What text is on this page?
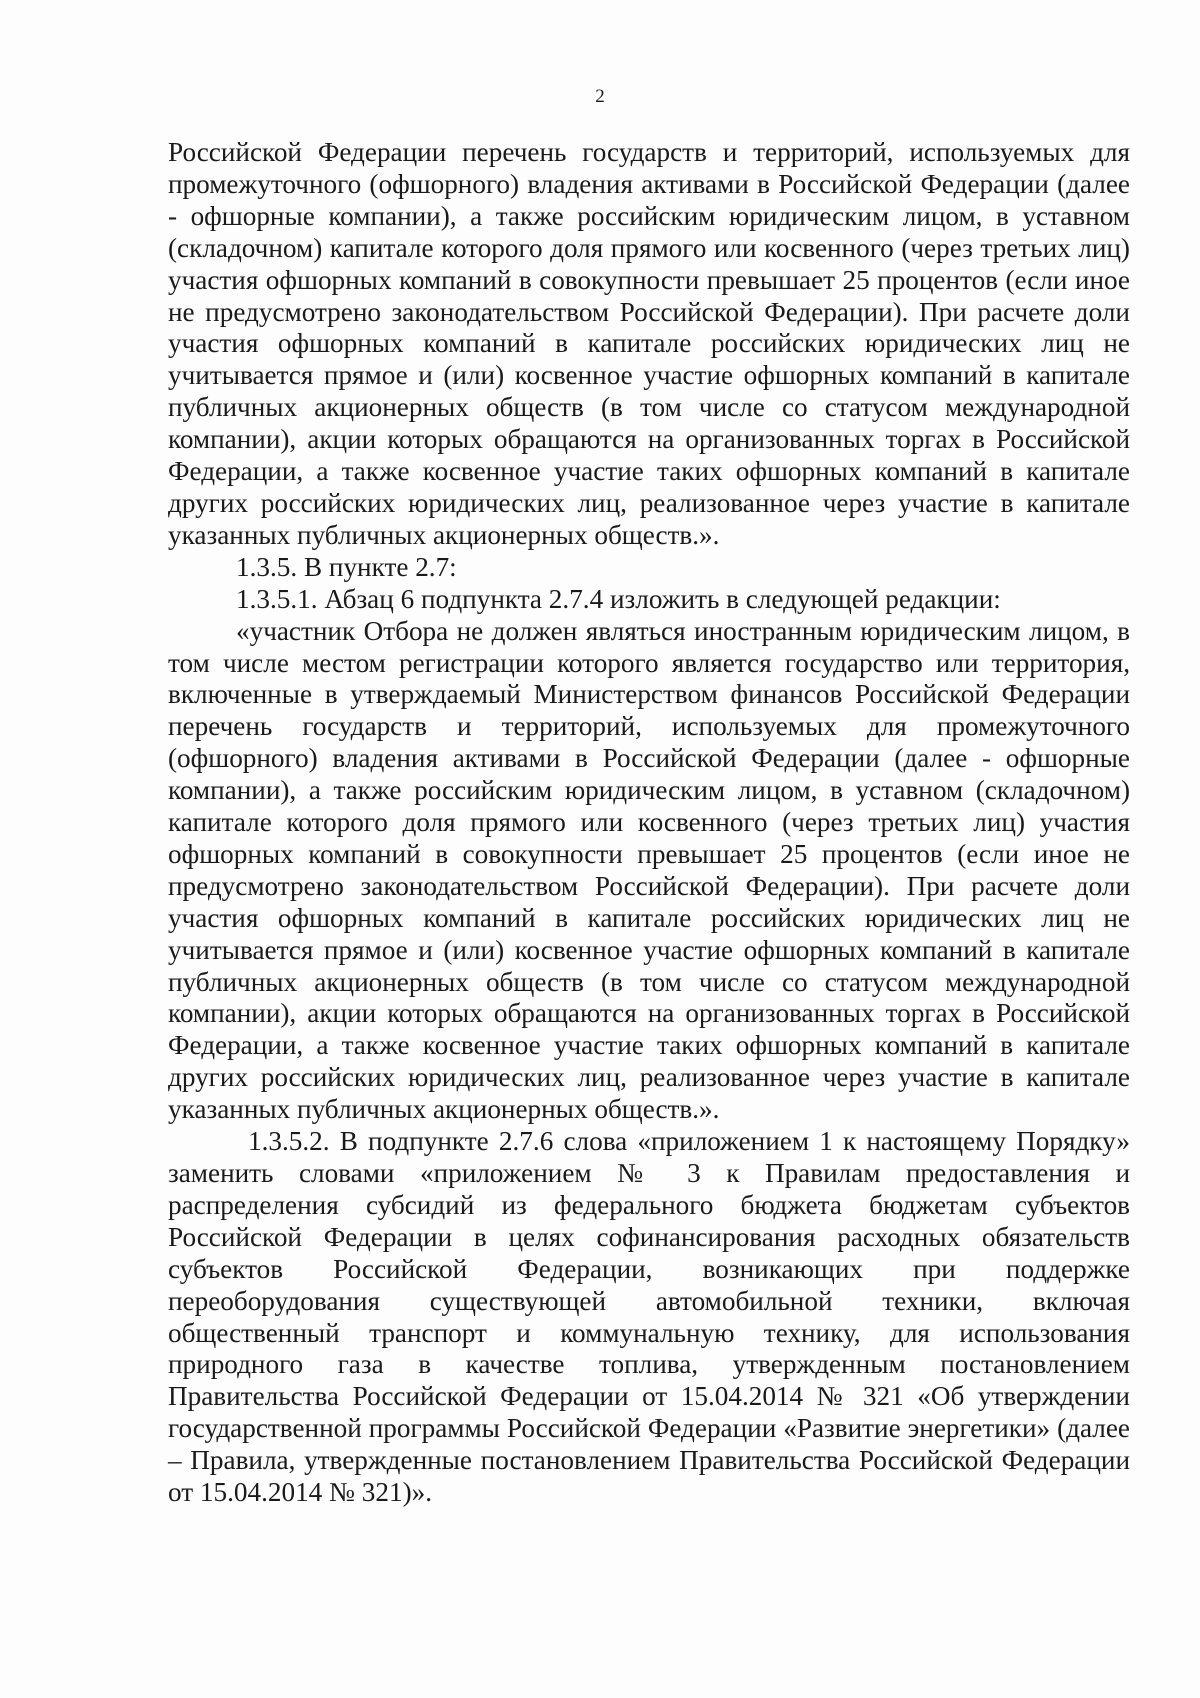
2

Российской Федерации перечень государств и территорий, используемых для промежуточного (офшорного) владения активами в Российской Федерации (далее - офшорные компании), а также российским юридическим лицом, в уставном (складочном) капитале которого доля прямого или косвенного (через третьих лиц) участия офшорных компаний в совокупности превышает 25 процентов (если иное не предусмотрено законодательством Российской Федерации). При расчете доли участия офшорных компаний в капитале российских юридических лиц не учитывается прямое и (или) косвенное участие офшорных компаний в капитале публичных акционерных обществ (в том числе со статусом международной компании), акции которых обращаются на организованных торгах в Российской Федерации, а также косвенное участие таких офшорных компаний в капитале других российских юридических лиц, реализованное через участие в капитале указанных публичных акционерных обществ.».

1.3.5. В пункте 2.7:

1.3.5.1. Абзац 6 подпункта 2.7.4 изложить в следующей редакции:

«участник Отбора не должен являться иностранным юридическим лицом, в том числе местом регистрации которого является государство или территория, включенные в утверждаемый Министерством финансов Российской Федерации перечень государств и территорий, используемых для промежуточного (офшорного) владения активами в Российской Федерации (далее - офшорные компании), а также российским юридическим лицом, в уставном (складочном) капитале которого доля прямого или косвенного (через третьих лиц) участия офшорных компаний в совокупности превышает 25 процентов (если иное не предусмотрено законодательством Российской Федерации). При расчете доли участия офшорных компаний в капитале российских юридических лиц не учитывается прямое и (или) косвенное участие офшорных компаний в капитале публичных акционерных обществ (в том числе со статусом международной компании), акции которых обращаются на организованных торгах в Российской Федерации, а также косвенное участие таких офшорных компаний в капитале других российских юридических лиц, реализованное через участие в капитале указанных публичных акционерных обществ.».

1.3.5.2. В подпункте 2.7.6 слова «приложением 1 к настоящему Порядку» заменить словами «приложением № 3 к Правилам предоставления и распределения субсидий из федерального бюджета бюджетам субъектов Российской Федерации в целях софинансирования расходных обязательств субъектов Российской Федерации, возникающих при поддержке переоборудования существующей автомобильной техники, включая общественный транспорт и коммунальную технику, для использования природного газа в качестве топлива, утвержденным постановлением Правительства Российской Федерации от 15.04.2014 № 321 «Об утверждении государственной программы Российской Федерации «Развитие энергетики» (далее – Правила, утвержденные постановлением Правительства Российской Федерации от 15.04.2014 № 321)».
